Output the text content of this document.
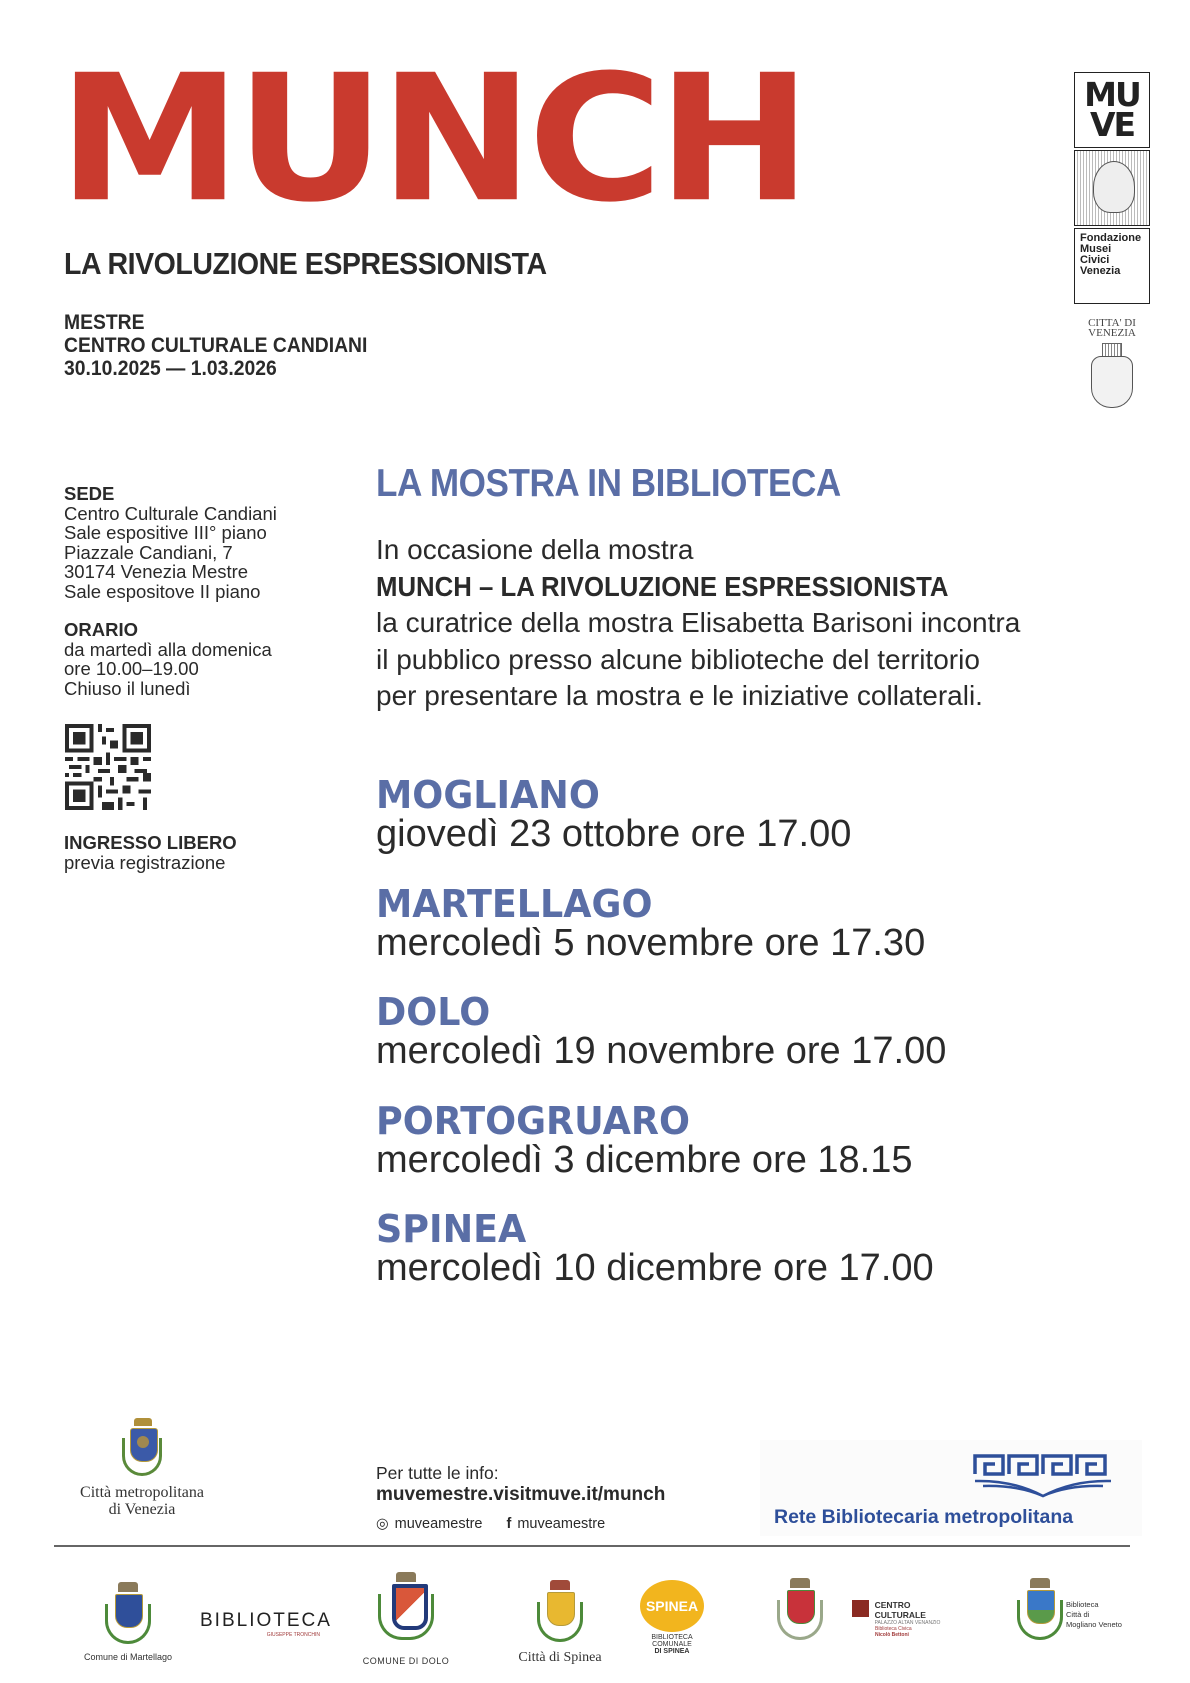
MUNCH
LA RIVOLUZIONE ESPRESSIONISTA
MESTRE
CENTRO CULTURALE CANDIANI
30.10.2025 — 1.03.2026
MU
VE
Fondazione
Musei
Civici
Venezia
CITTA' DI
VENEZIA
SEDE
Centro Culturale Candiani
Sale espositive III° piano
Piazzale Candiani, 7
30174 Venezia Mestre
Sale espositove II piano
ORARIO
da martedì alla domenica
ore 10.00–19.00
Chiuso il lunedì
INGRESSO LIBERO
previa registrazione
LA MOSTRA IN BIBLIOTECA
In occasione della mostra
MUNCH – LA RIVOLUZIONE ESPRESSIONISTA
la curatrice della mostra Elisabetta Barisoni incontra
il pubblico presso alcune biblioteche del territorio
per presentare la mostra e le iniziative collaterali.
MOGLIANO
giovedì 23 ottobre ore 17.00
MARTELLAGO
mercoledì 5 novembre ore 17.30
DOLO
mercoledì 19 novembre ore 17.00
PORTOGRUARO
mercoledì 3 dicembre ore 18.15
SPINEA
mercoledì 10 dicembre ore 17.00
Città metropolitana
di Venezia
Per tutte le info:
muvemestre.visitmuve.it/munch
◎ muveamestre f muveamestre	Rete Bibliotecaria metropolitana
Comune di Martellago
BIBLIOTECA
GIUSEPPE TRONCHIN
COMUNE DI DOLO	Città di Spinea
SPINEA
BIBLIOTECA
COMUNALE
DI SPINEA
CENTRO CULTURALE
PALAZZO ALTAN VENANZIO
Biblioteca Civica
Nicolò Bettoni
Biblioteca
Città di
Mogliano Veneto
